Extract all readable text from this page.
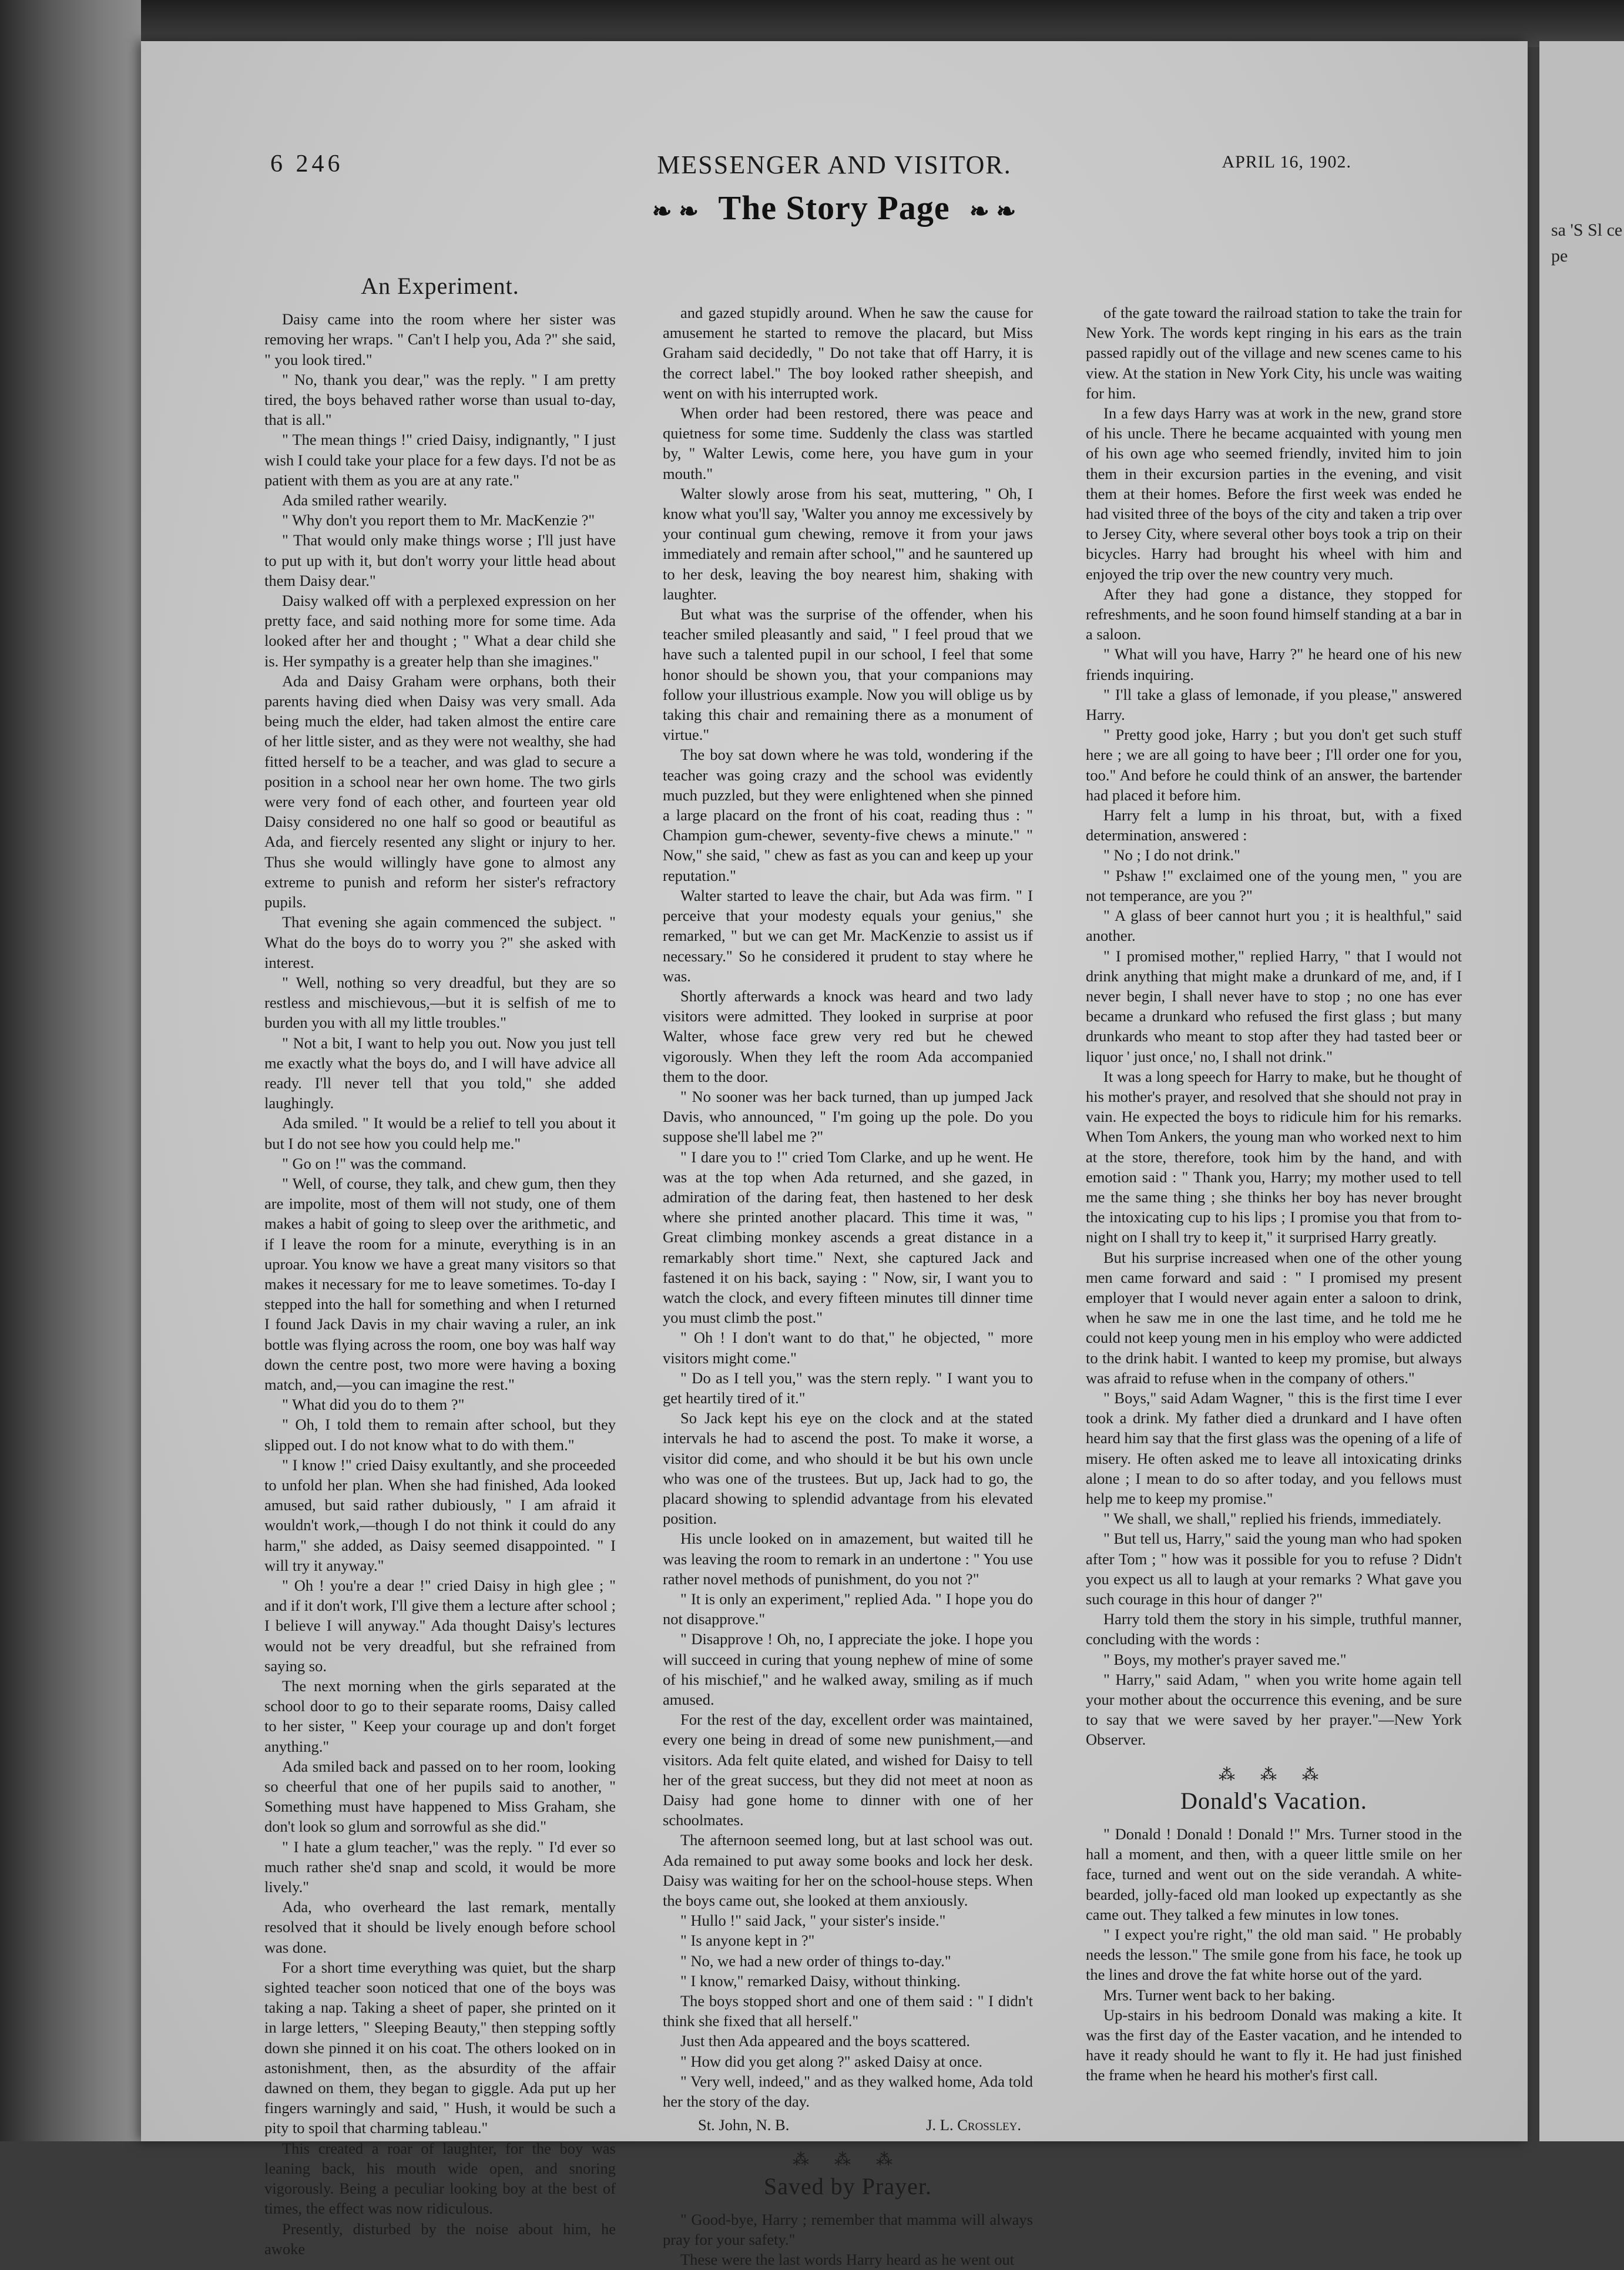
6 246	MESSENGER AND VISITOR.	APRIL 16, 1902.
❧ ❧ The Story Page ❧ ❧
An Experiment.

Daisy came into the room where her sister was removing her wraps. " Can't I help you, Ada ?" she said, " you look tired."

" No, thank you dear," was the reply. " I am pretty tired, the boys behaved rather worse than usual to-day, that is all."

" The mean things !" cried Daisy, indignantly, " I just wish I could take your place for a few days. I'd not be as patient with them as you are at any rate."

Ada smiled rather wearily.

" Why don't you report them to Mr. MacKenzie ?"

" That would only make things worse ; I'll just have to put up with it, but don't worry your little head about them Daisy dear."

Daisy walked off with a perplexed expression on her pretty face, and said nothing more for some time. Ada looked after her and thought ; " What a dear child she is. Her sympathy is a greater help than she imagines."

Ada and Daisy Graham were orphans, both their parents having died when Daisy was very small. Ada being much the elder, had taken almost the entire care of her little sister, and as they were not wealthy, she had fitted herself to be a teacher, and was glad to secure a position in a school near her own home. The two girls were very fond of each other, and fourteen year old Daisy considered no one half so good or beautiful as Ada, and fiercely resented any slight or injury to her. Thus she would willingly have gone to almost any extreme to punish and reform her sister's refractory pupils.

That evening she again commenced the subject. " What do the boys do to worry you ?" she asked with interest.

" Well, nothing so very dreadful, but they are so restless and mischievous,—but it is selfish of me to burden you with all my little troubles."

" Not a bit, I want to help you out. Now you just tell me exactly what the boys do, and I will have advice all ready. I'll never tell that you told," she added laughingly.

Ada smiled. " It would be a relief to tell you about it but I do not see how you could help me."

" Go on !" was the command.

" Well, of course, they talk, and chew gum, then they are impolite, most of them will not study, one of them makes a habit of going to sleep over the arithmetic, and if I leave the room for a minute, everything is in an uproar. You know we have a great many visitors so that makes it necessary for me to leave sometimes. To-day I stepped into the hall for something and when I returned I found Jack Davis in my chair waving a ruler, an ink bottle was flying across the room, one boy was half way down the centre post, two more were having a boxing match, and,—you can imagine the rest."

" What did you do to them ?"

" Oh, I told them to remain after school, but they slipped out. I do not know what to do with them."

" I know !" cried Daisy exultantly, and she proceeded to unfold her plan. When she had finished, Ada looked amused, but said rather dubiously, " I am afraid it wouldn't work,—though I do not think it could do any harm," she added, as Daisy seemed disappointed. " I will try it anyway."

" Oh ! you're a dear !" cried Daisy in high glee ; " and if it don't work, I'll give them a lecture after school ; I believe I will anyway." Ada thought Daisy's lectures would not be very dreadful, but she refrained from saying so.

The next morning when the girls separated at the school door to go to their separate rooms, Daisy called to her sister, " Keep your courage up and don't forget anything."

Ada smiled back and passed on to her room, looking so cheerful that one of her pupils said to another, " Something must have happened to Miss Graham, she don't look so glum and sorrowful as she did."

" I hate a glum teacher," was the reply. " I'd ever so much rather she'd snap and scold, it would be more lively."

Ada, who overheard the last remark, mentally resolved that it should be lively enough before school was done.

For a short time everything was quiet, but the sharp sighted teacher soon noticed that one of the boys was taking a nap. Taking a sheet of paper, she printed on it in large letters, " Sleeping Beauty," then stepping softly down she pinned it on his coat. The others looked on in astonishment, then, as the absurdity of the affair dawned on them, they began to giggle. Ada put up her fingers warningly and said, " Hush, it would be such a pity to spoil that charming tableau."

This created a roar of laughter, for the boy was leaning back, his mouth wide open, and snoring vigorously. Being a peculiar looking boy at the best of times, the effect was now ridiculous.

Presently, disturbed by the noise about him, he awoke

and gazed stupidly around. When he saw the cause for amusement he started to remove the placard, but Miss Graham said decidedly, " Do not take that off Harry, it is the correct label." The boy looked rather sheepish, and went on with his interrupted work.

When order had been restored, there was peace and quietness for some time. Suddenly the class was startled by, " Walter Lewis, come here, you have gum in your mouth."

Walter slowly arose from his seat, muttering, " Oh, I know what you'll say, 'Walter you annoy me excessively by your continual gum chewing, remove it from your jaws immediately and remain after school,'" and he sauntered up to her desk, leaving the boy nearest him, shaking with laughter.

But what was the surprise of the offender, when his teacher smiled pleasantly and said, " I feel proud that we have such a talented pupil in our school, I feel that some honor should be shown you, that your companions may follow your illustrious example. Now you will oblige us by taking this chair and remaining there as a monument of virtue."

The boy sat down where he was told, wondering if the teacher was going crazy and the school was evidently much puzzled, but they were enlightened when she pinned a large placard on the front of his coat, reading thus : " Champion gum-chewer, seventy-five chews a minute." " Now," she said, " chew as fast as you can and keep up your reputation."

Walter started to leave the chair, but Ada was firm. " I perceive that your modesty equals your genius," she remarked, " but we can get Mr. MacKenzie to assist us if necessary." So he considered it prudent to stay where he was.

Shortly afterwards a knock was heard and two lady visitors were admitted. They looked in surprise at poor Walter, whose face grew very red but he chewed vigorously. When they left the room Ada accompanied them to the door.

" No sooner was her back turned, than up jumped Jack Davis, who announced, " I'm going up the pole. Do you suppose she'll label me ?"

" I dare you to !" cried Tom Clarke, and up he went. He was at the top when Ada returned, and she gazed, in admiration of the daring feat, then hastened to her desk where she printed another placard. This time it was, " Great climbing monkey ascends a great distance in a remarkably short time." Next, she captured Jack and fastened it on his back, saying : " Now, sir, I want you to watch the clock, and every fifteen minutes till dinner time you must climb the post."

" Oh ! I don't want to do that," he objected, " more visitors might come."

" Do as I tell you," was the stern reply. " I want you to get heartily tired of it."

So Jack kept his eye on the clock and at the stated intervals he had to ascend the post. To make it worse, a visitor did come, and who should it be but his own uncle who was one of the trustees. But up, Jack had to go, the placard showing to splendid advantage from his elevated position.

His uncle looked on in amazement, but waited till he was leaving the room to remark in an undertone : " You use rather novel methods of punishment, do you not ?"

" It is only an experiment," replied Ada. " I hope you do not disapprove."

" Disapprove ! Oh, no, I appreciate the joke. I hope you will succeed in curing that young nephew of mine of some of his mischief," and he walked away, smiling as if much amused.

For the rest of the day, excellent order was maintained, every one being in dread of some new punishment,—and visitors. Ada felt quite elated, and wished for Daisy to tell her of the great success, but they did not meet at noon as Daisy had gone home to dinner with one of her schoolmates.

The afternoon seemed long, but at last school was out. Ada remained to put away some books and lock her desk. Daisy was waiting for her on the school-house steps. When the boys came out, she looked at them anxiously.

" Hullo !" said Jack, " your sister's inside."

" Is anyone kept in ?"

" No, we had a new order of things to-day."

" I know," remarked Daisy, without thinking.

The boys stopped short and one of them said : " I didn't think she fixed that all herself."

Just then Ada appeared and the boys scattered.

" How did you get along ?" asked Daisy at once.

" Very well, indeed," and as they walked home, Ada told her the story of the day.

St. John, N. B.	J. L. Crossley.
⁂ ⁂ ⁂
Saved by Prayer.

" Good-bye, Harry ; remember that mamma will always pray for your safety."

These were the last words Harry heard as he went out

of the gate toward the railroad station to take the train for New York. The words kept ringing in his ears as the train passed rapidly out of the village and new scenes came to his view. At the station in New York City, his uncle was waiting for him.

In a few days Harry was at work in the new, grand store of his uncle. There he became acquainted with young men of his own age who seemed friendly, invited him to join them in their excursion parties in the evening, and visit them at their homes. Before the first week was ended he had visited three of the boys of the city and taken a trip over to Jersey City, where several other boys took a trip on their bicycles. Harry had brought his wheel with him and enjoyed the trip over the new country very much.

After they had gone a distance, they stopped for refreshments, and he soon found himself standing at a bar in a saloon.

" What will you have, Harry ?" he heard one of his new friends inquiring.

" I'll take a glass of lemonade, if you please," answered Harry.

" Pretty good joke, Harry ; but you don't get such stuff here ; we are all going to have beer ; I'll order one for you, too." And before he could think of an answer, the bartender had placed it before him.

Harry felt a lump in his throat, but, with a fixed determination, answered :

" No ; I do not drink."

" Pshaw !" exclaimed one of the young men, " you are not temperance, are you ?"

" A glass of beer cannot hurt you ; it is healthful," said another.

" I promised mother," replied Harry, " that I would not drink anything that might make a drunkard of me, and, if I never begin, I shall never have to stop ; no one has ever became a drunkard who refused the first glass ; but many drunkards who meant to stop after they had tasted beer or liquor ' just once,' no, I shall not drink."

It was a long speech for Harry to make, but he thought of his mother's prayer, and resolved that she should not pray in vain. He expected the boys to ridicule him for his remarks. When Tom Ankers, the young man who worked next to him at the store, therefore, took him by the hand, and with emotion said : " Thank you, Harry; my mother used to tell me the same thing ; she thinks her boy has never brought the intoxicating cup to his lips ; I promise you that from to-night on I shall try to keep it," it surprised Harry greatly.

But his surprise increased when one of the other young men came forward and said : " I promised my present employer that I would never again enter a saloon to drink, when he saw me in one the last time, and he told me he could not keep young men in his employ who were addicted to the drink habit. I wanted to keep my promise, but always was afraid to refuse when in the company of others."

" Boys," said Adam Wagner, " this is the first time I ever took a drink. My father died a drunkard and I have often heard him say that the first glass was the opening of a life of misery. He often asked me to leave all intoxicating drinks alone ; I mean to do so after today, and you fellows must help me to keep my promise."

" We shall, we shall," replied his friends, immediately.

" But tell us, Harry," said the young man who had spoken after Tom ; " how was it possible for you to refuse ? Didn't you expect us all to laugh at your remarks ? What gave you such courage in this hour of danger ?"

Harry told them the story in his simple, truthful manner, concluding with the words :

" Boys, my mother's prayer saved me."

" Harry," said Adam, " when you write home again tell your mother about the occurrence this evening, and be sure to say that we were saved by her prayer."—New York Observer.

⁂ ⁂ ⁂
Donald's Vacation.

" Donald ! Donald ! Donald !" Mrs. Turner stood in the hall a moment, and then, with a queer little smile on her face, turned and went out on the side verandah. A white-bearded, jolly-faced old man looked up expectantly as she came out. They talked a few minutes in low tones.

" I expect you're right," the old man said. " He probably needs the lesson." The smile gone from his face, he took up the lines and drove the fat white horse out of the yard.

Mrs. Turner went back to her baking.

Up-stairs in his bedroom Donald was making a kite. It was the first day of the Easter vacation, and he intended to have it ready should he want to fly it. He had just finished the frame when he heard his mother's first call.

sa 'S Sl ce pe
